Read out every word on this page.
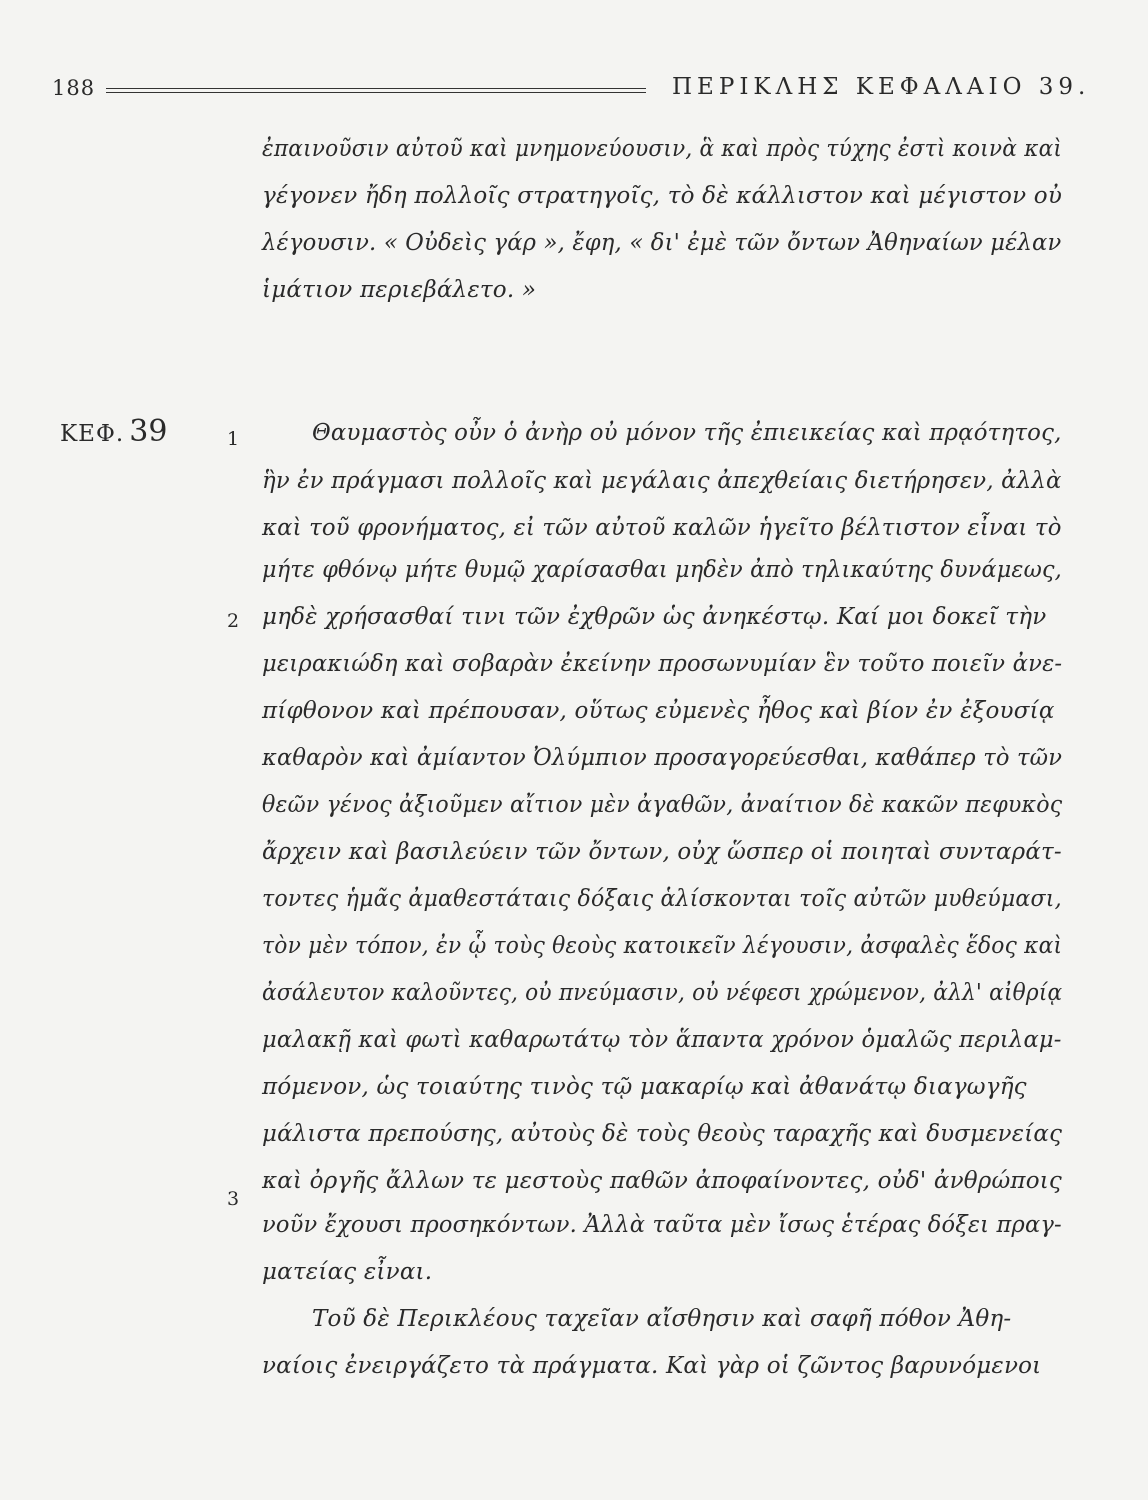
188	ΠΕΡΙΚΛΗΣ ΚΕΦΑΛΑΙΟ 39.
ΚΕΦ. 39	1
2
3
ἐπαινοῦσιν αὐτοῦ καὶ μνημονεύουσιν, ἃ καὶ πρὸς τύχης ἐστὶ κοινὰ καὶ
γέγονεν ἤδη πολλοῖς στρατηγοῖς, τὸ δὲ κάλλιστον καὶ μέγιστον οὐ
λέγουσιν. « Οὐδεὶς γάρ », ἔφη, « δι' ἐμὲ τῶν ὄντων Ἀθηναίων μέλαν
ἱμάτιον περιεβάλετο. »
Θαυμαστὸς οὖν ὁ ἀνὴρ οὐ μόνον τῆς ἐπιεικείας καὶ πρᾳότητος,
ἣν ἐν πράγμασι πολλοῖς καὶ μεγάλαις ἀπεχθείαις διετήρησεν, ἀλλὰ
καὶ τοῦ φρονήματος, εἰ τῶν αὐτοῦ καλῶν ἡγεῖτο βέλτιστον εἶναι τὸ
μήτε φθόνῳ μήτε θυμῷ χαρίσασθαι μηδὲν ἀπὸ τηλικαύτης δυνάμεως,
μηδὲ χρήσασθαί τινι τῶν ἐχθρῶν ὡς ἀνηκέστῳ. Καί μοι δοκεῖ τὴν
μειρακιώδη καὶ σοβαρὰν ἐκείνην προσωνυμίαν ἓν τοῦτο ποιεῖν ἀνε-
πίφθονον καὶ πρέπουσαν, οὕτως εὐμενὲς ἦθος καὶ βίον ἐν ἐξουσίᾳ
καθαρὸν καὶ ἀμίαντον Ὀλύμπιον προσαγορεύεσθαι, καθάπερ τὸ τῶν
θεῶν γένος ἀξιοῦμεν αἴτιον μὲν ἀγαθῶν, ἀναίτιον δὲ κακῶν πεφυκὸς
ἄρχειν καὶ βασιλεύειν τῶν ὄντων, οὐχ ὥσπερ οἱ ποιηταὶ συνταράτ-
τοντες ἡμᾶς ἀμαθεστάταις δόξαις ἁλίσκονται τοῖς αὐτῶν μυθεύμασι,
τὸν μὲν τόπον, ἐν ᾧ τοὺς θεοὺς κατοικεῖν λέγουσιν, ἀσφαλὲς ἕδος καὶ
ἀσάλευτον καλοῦντες, οὐ πνεύμασιν, οὐ νέφεσι χρώμενον, ἀλλ' αἰθρίᾳ
μαλακῇ καὶ φωτὶ καθαρωτάτῳ τὸν ἅπαντα χρόνον ὁμαλῶς περιλαμ-
πόμενον, ὡς τοιαύτης τινὸς τῷ μακαρίῳ καὶ ἀθανάτῳ διαγωγῆς
μάλιστα πρεπούσης, αὐτοὺς δὲ τοὺς θεοὺς ταραχῆς καὶ δυσμενείας
καὶ ὀργῆς ἄλλων τε μεστοὺς παθῶν ἀποφαίνοντες, οὐδ' ἀνθρώποις
νοῦν ἔχουσι προσηκόντων. Ἀλλὰ ταῦτα μὲν ἴσως ἑτέρας δόξει πραγ-
ματείας εἶναι.
Τοῦ δὲ Περικλέους ταχεῖαν αἴσθησιν καὶ σαφῆ πόθον Ἀθη-
ναίοις ἐνειργάζετο τὰ πράγματα. Καὶ γὰρ οἱ ζῶντος βαρυνόμενοι
